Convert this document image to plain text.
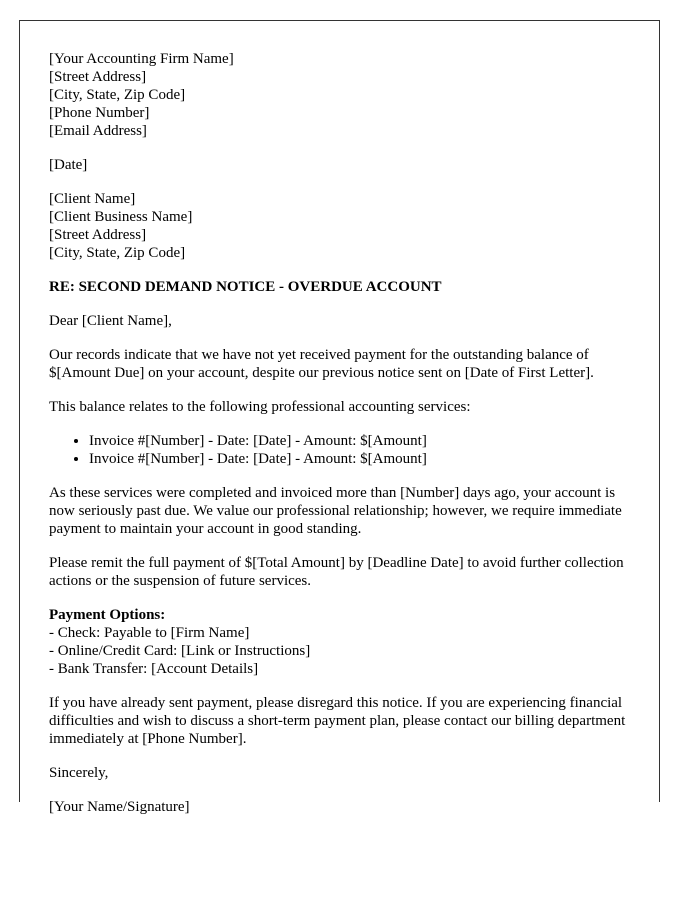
[Your Accounting Firm Name]
[Street Address]
[City, State, Zip Code]
[Phone Number]
[Email Address]
[Date]
[Client Name]
[Client Business Name]
[Street Address]
[City, State, Zip Code]
RE: SECOND DEMAND NOTICE - OVERDUE ACCOUNT

Dear [Client Name],

Our records indicate that we have not yet received payment for the outstanding balance of $[Amount Due] on your account, despite our previous notice sent on [Date of First Letter].

This balance relates to the following professional accounting services:

• Invoice #[Number] - Date: [Date] - Amount: $[Amount]
• Invoice #[Number] - Date: [Date] - Amount: $[Amount]

As these services were completed and invoiced more than [Number] days ago, your account is now seriously past due. We value our professional relationship; however, we require immediate payment to maintain your account in good standing.

Please remit the full payment of $[Total Amount] by [Deadline Date] to avoid further collection actions or the suspension of future services.

Payment Options:
- Check: Payable to [Firm Name]
- Online/Credit Card: [Link or Instructions]
- Bank Transfer: [Account Details]

If you have already sent payment, please disregard this notice. If you are experiencing financial difficulties and wish to discuss a short-term payment plan, please contact our billing department immediately at [Phone Number].

Sincerely,

[Your Name/Signature]
